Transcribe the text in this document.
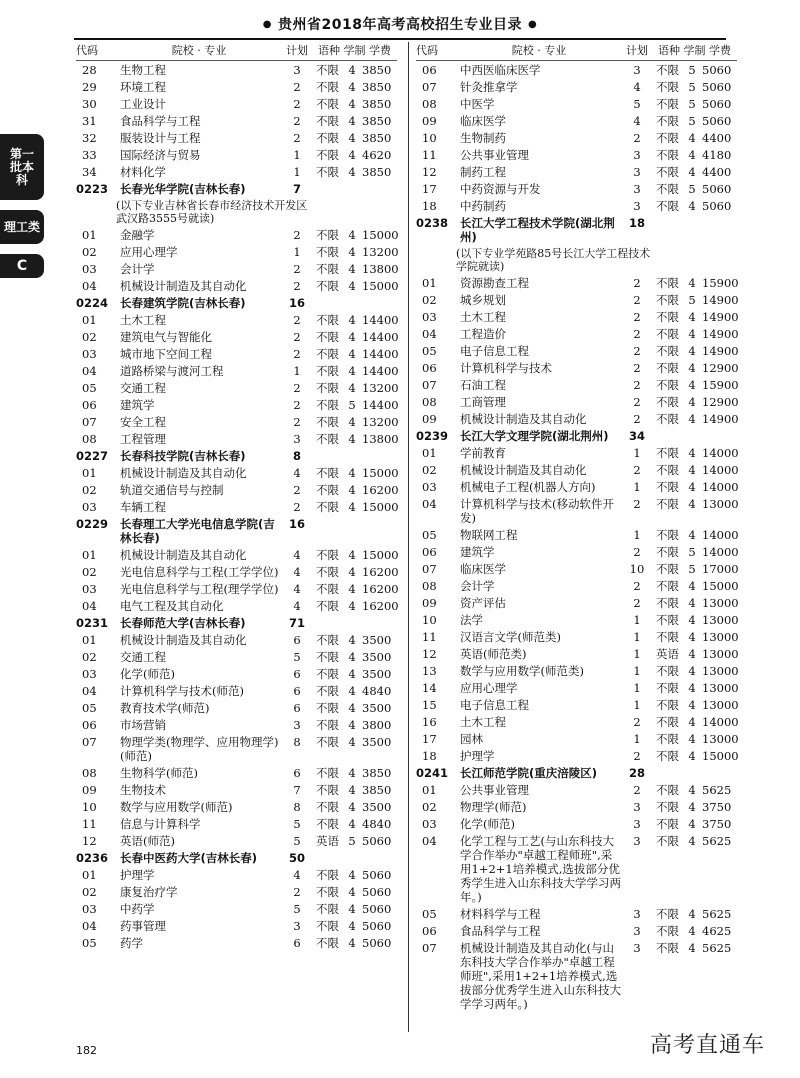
● 贵州省2018年高考高校招生专业目录 ●
第一批本科
理工类
C
代码	院校 · 专业	计划 语种 学制 学费
28	生物工程	3	不限 4 3850
29	环境工程	2	不限 4 3850
30	工业设计	2	不限 4 3850
31	食品科学与工程	2	不限 4 3850
32	服装设计与工程	2	不限 4 3850
33	国际经济与贸易	1	不限 4 4620
34	材料化学	1	不限 4 3850
0223	长春光华学院(吉林长春)	7
(以下专业吉林省长春市经济技术开发区武汉路3555号就读)
01	金融学	2	不限 4 15000
02	应用心理学	1	不限 4 13200
03	会计学	2	不限 4 13800
04	机械设计制造及其自动化	2	不限 4 15000
0224	长春建筑学院(吉林长春)	16
01	土木工程	2	不限 4 14400
02	建筑电气与智能化	2	不限 4 14400
03	城市地下空间工程	2	不限 4 14400
04	道路桥梁与渡河工程	1	不限 4 14400
05	交通工程	2	不限 4 13200
06	建筑学	2	不限 5 14400
07	安全工程	2	不限 4 13200
08	工程管理	3	不限 4 13800
0227	长春科技学院(吉林长春)	8
01	机械设计制造及其自动化	4	不限 4 15000
02	轨道交通信号与控制	2	不限 4 16200
03	车辆工程	2	不限 4 15000
0229	长春理工大学光电信息学院(吉林长春)
16
01	机械设计制造及其自动化	4	不限 4 15000
02	光电信息科学与工程(工学学位)	4	不限 4 16200
03	光电信息科学与工程(理学学位)	4	不限 4 16200
04	电气工程及其自动化	4	不限 4 16200
0231	长春师范大学(吉林长春)	71
01	机械设计制造及其自动化	6	不限 4 3500
02	交通工程	5	不限 4 3500
03	化学(师范)	6	不限 4 3500
04	计算机科学与技术(师范)	6	不限 4 4840
05	教育技术学(师范)	6	不限 4 3500
06	市场营销	3	不限 4 3800
07	物理学类(物理学、应用物理学)(师范)
8	不限 4 3500
08	生物科学(师范)	6	不限 4 3850
09	生物技术	7	不限 4 3850
10	数学与应用数学(师范)	8	不限 4 3500
11	信息与计算科学	5	不限 4 4840
12	英语(师范)	5	英语 5 5060
0236	长春中医药大学(吉林长春)	50
01	护理学	4	不限 4 5060
02	康复治疗学	2	不限 4 5060
03	中药学	5	不限 4 5060
04	药事管理	3	不限 4 5060
05	药学	6	不限 4 5060
代码	院校 · 专业	计划 语种 学制 学费
06	中西医临床医学	3	不限 5 5060
07	针灸推拿学	4	不限 5 5060
08	中医学	5	不限 5 5060
09	临床医学	4	不限 5 5060
10	生物制药	2	不限 4 4400
11	公共事业管理	3	不限 4 4180
12	制药工程	3	不限 4 4400
17	中药资源与开发	3	不限 5 5060
18	中药制药	3	不限 4 5060
0238	长江大学工程技术学院(湖北荆州)
18
(以下专业学苑路85号长江大学工程技术学院就读)
01	资源勘查工程	2	不限 4 15900
02	城乡规划	2	不限 5 14900
03	土木工程	2	不限 4 14900
04	工程造价	2	不限 4 14900
05	电子信息工程	2	不限 4 14900
06	计算机科学与技术	2	不限 4 12900
07	石油工程	2	不限 4 15900
08	工商管理	2	不限 4 12900
09	机械设计制造及其自动化	2	不限 4 14900
0239	长江大学文理学院(湖北荆州)	34
01	学前教育	1	不限 4 14000
02	机械设计制造及其自动化	2	不限 4 14000
03	机械电子工程(机器人方向)	1	不限 4 14000
04	计算机科学与技术(移动软件开发)
2	不限 4 13000
05	物联网工程	1	不限 4 14000
06	建筑学	2	不限 5 14000
07	临床医学	10	不限 5 17000
08	会计学	2	不限 4 15000
09	资产评估	2	不限 4 13000
10	法学	1	不限 4 13000
11	汉语言文学(师范类)	1	不限 4 13000
12	英语(师范类)	1	英语 4 13000
13	数学与应用数学(师范类)	1	不限 4 13000
14	应用心理学	1	不限 4 13000
15	电子信息工程	1	不限 4 13000
16	土木工程	2	不限 4 14000
17	园林	1	不限 4 13000
18	护理学	2	不限 4 15000
0241	长江师范学院(重庆涪陵区)	28
01	公共事业管理	2	不限 4 5625
02	物理学(师范)	3	不限 4 3750
03	化学(师范)	3	不限 4 3750
04	化学工程与工艺(与山东科技大学合作举办"卓越工程师班",采用1+2+1培养模式,选拔部分优秀学生进入山东科技大学学习两年。)
3	不限 4 5625
05	材料科学与工程	3	不限 4 5625
06	食品科学与工程	3	不限 4 4625
07	机械设计制造及其自动化(与山东科技大学合作举办"卓越工程师班",采用1+2+1培养模式,选拔部分优秀学生进入山东科技大学学习两年。)
3	不限 4 5625
182	高考直通车
